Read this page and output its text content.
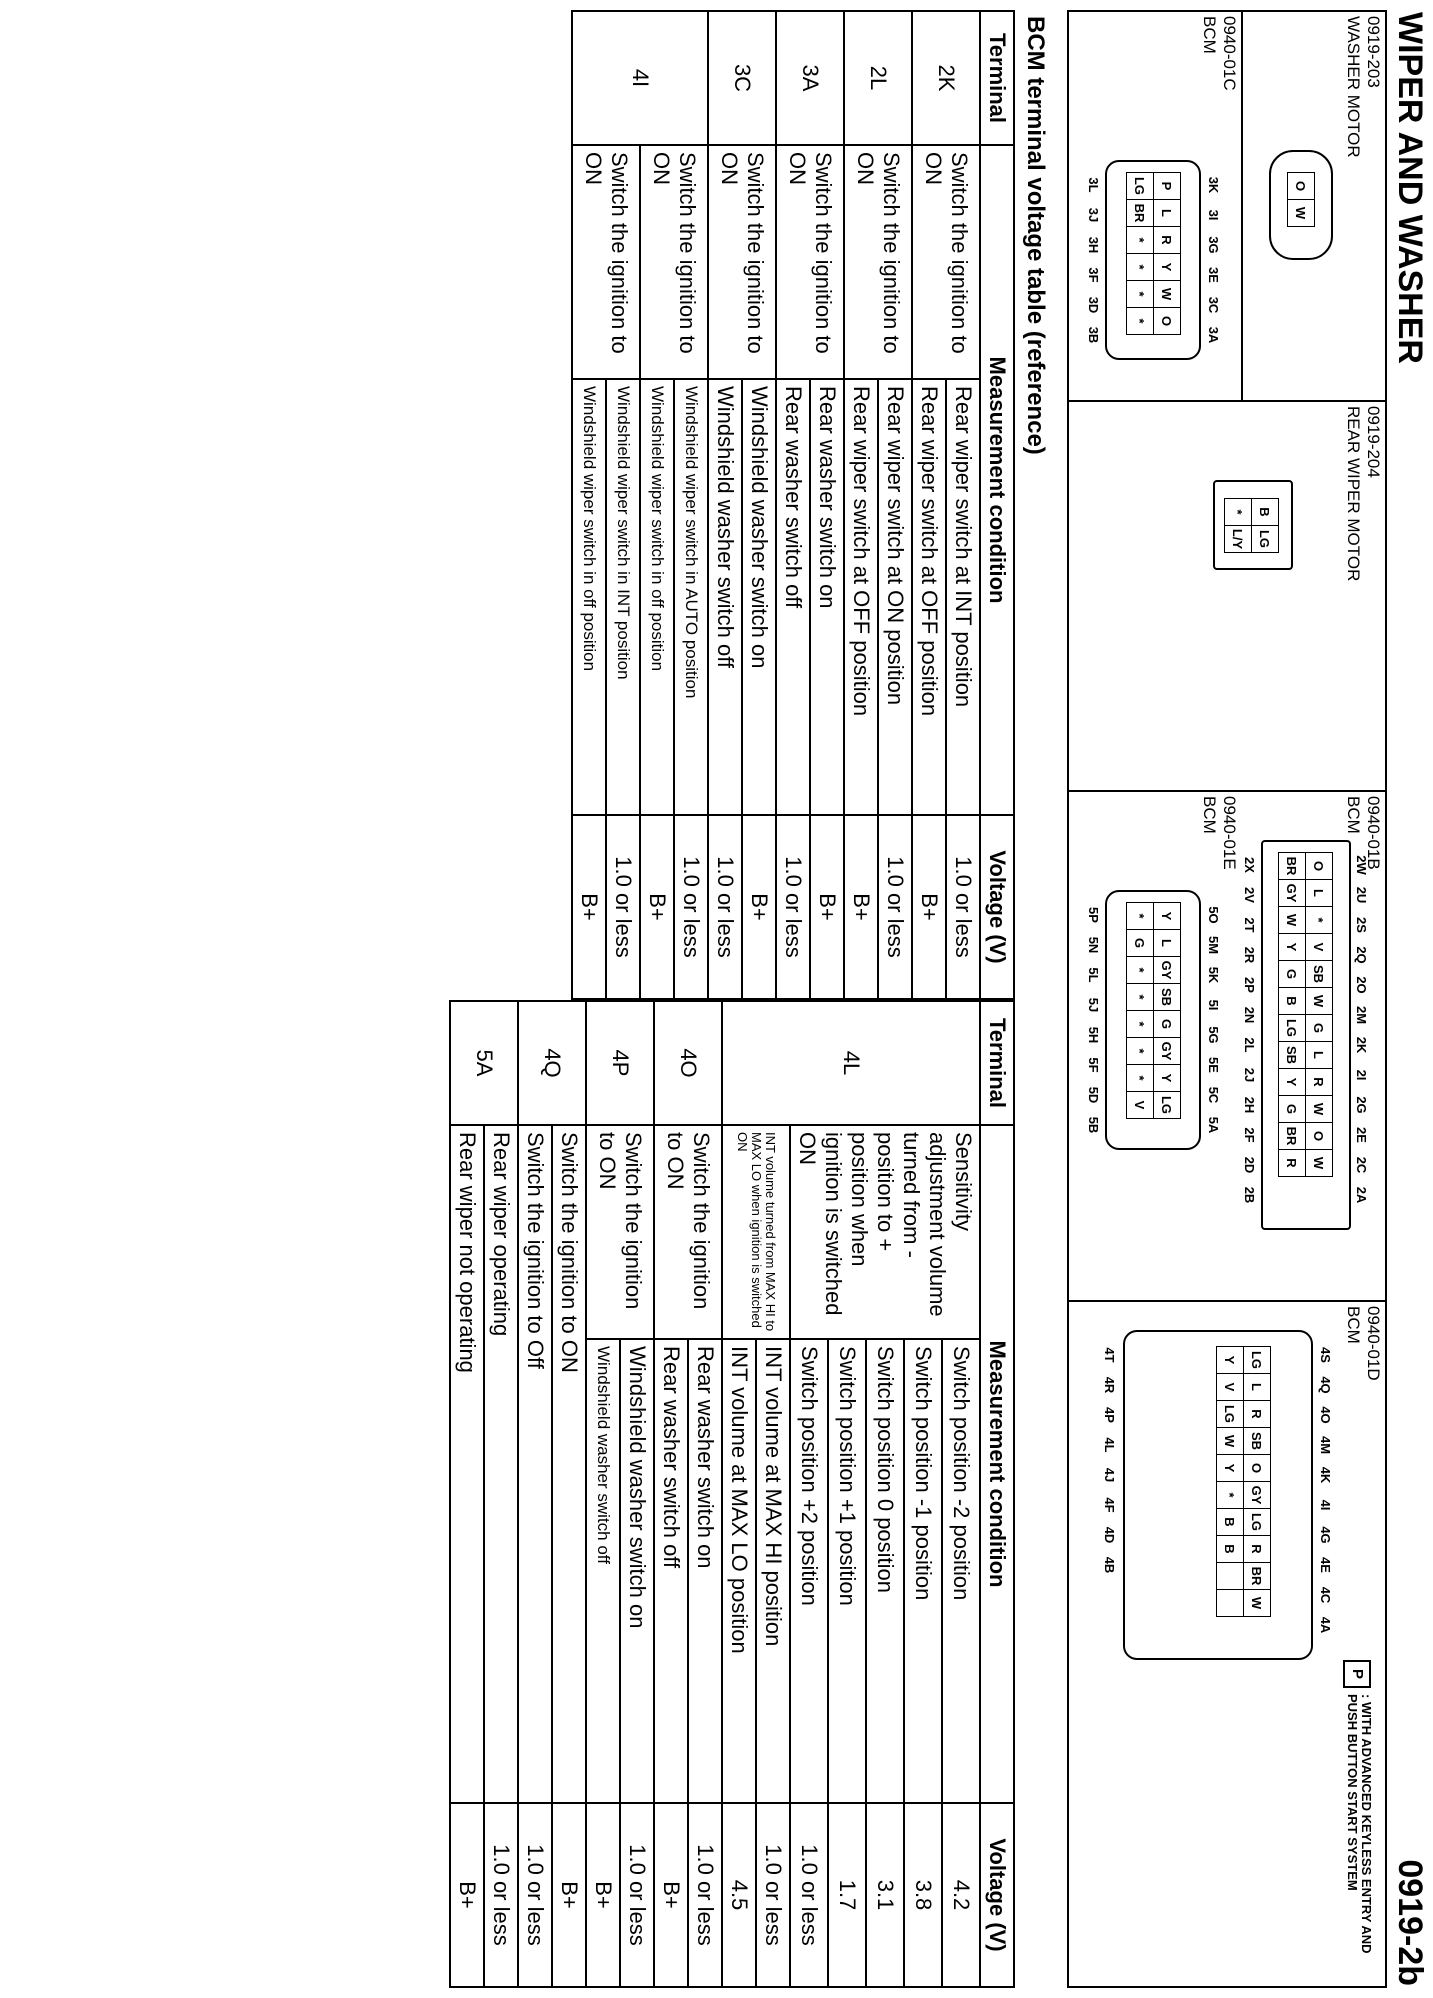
WIPER AND WASHER
0919-2b
0919-203
WASHER MOTOR
O	W
0940-01C
BCM
3K
3I
3G
3E
3C
3A
P	L	R	Y	W	O
LG	BR	*	*	*	*
3L
3J
3H
3F
3D
3B
0919-204
REAR WIPER MOTOR
B	LG
*	L/Y
0940-01B
BCM
2W
2U
2S
2Q
2O
2M
2K
2I
2G
2E
2C
2A
O	L	*	V	SB	W	G	L	R	W	O	W
BR	GY	W	Y	G	B	LG	SB	Y	G	BR	R
2X
2V
2T
2R
2P
2N
2L
2J
2H
2F
2D
2B
0940-01E
BCM
5O
5M
5K
5I
5G
5E
5C
5A
Y	L	GY	SB	G	GY	Y	LG
*	G	*	*	*	*	*	V
5P
5N
5L
5J
5H
5F
5D
5B
0940-01D
BCM
P
: WITH ADVANCED KEYLESS ENTRY AND PUSH BUTTON START SYSTEM
4S
4Q
4O
4M
4K
4I
4G
4E
4C
4A
LG	L	R	SB	O	GY	LG	R	BR	W
Y	V	LG	W	Y	*	B	B		
4T
4R
4P
4L
4J
4F
4D
4B
BCM terminal voltage table (reference)
Terminal	Measurement condition		Voltage (V)
2K	Switch the ignition to ON	Rear wiper switch at INT position	1.0 or less
		Rear wiper switch at OFF position	B+
2L	Switch the ignition to ON	Rear wiper switch at ON position	1.0 or less
		Rear wiper switch at OFF position	B+
3A	Switch the ignition to ON	Rear washer switch on	B+
		Rear washer switch off	1.0 or less
3C	Switch the ignition to ON	Windshield washer switch on	B+
		Windshield washer switch off	1.0 or less
4I	Switch the ignition to ON	Windshield wiper switch in AUTO position	1.0 or less
		Windshield wiper switch in off position	B+
	Switch the ignition to ON	Windshield wiper switch in INT position	1.0 or less
		Windshield wiper switch in off position	B+
Terminal	Measurement condition		Voltage (V)
4L	Sensitivity adjustment volume turned from - position to + position when ignition is switched ON	Switch position -2 position	4.2
		Switch position -1 position	3.8
		Switch position 0 position	3.1
		Switch position +1 position	1.7
		Switch position +2 position	1.0 or less
	INT volume turned from MAX HI to MAX LO when ignition is switched ON	INT volume at MAX HI position	1.0 or less
		INT volume at MAX LO position	4.5
4O	Switch the ignition to ON	Rear washer switch on	1.0 or less
		Rear washer switch off	B+
4P	Switch the ignition to ON	Windshield washer switch on	1.0 or less
		Windshield washer switch off	B+
4Q	Switch the ignition to ON		B+
	Switch the ignition to Off		1.0 or less
5A	Rear wiper operating		1.0 or less
	Rear wiper not operating		B+
